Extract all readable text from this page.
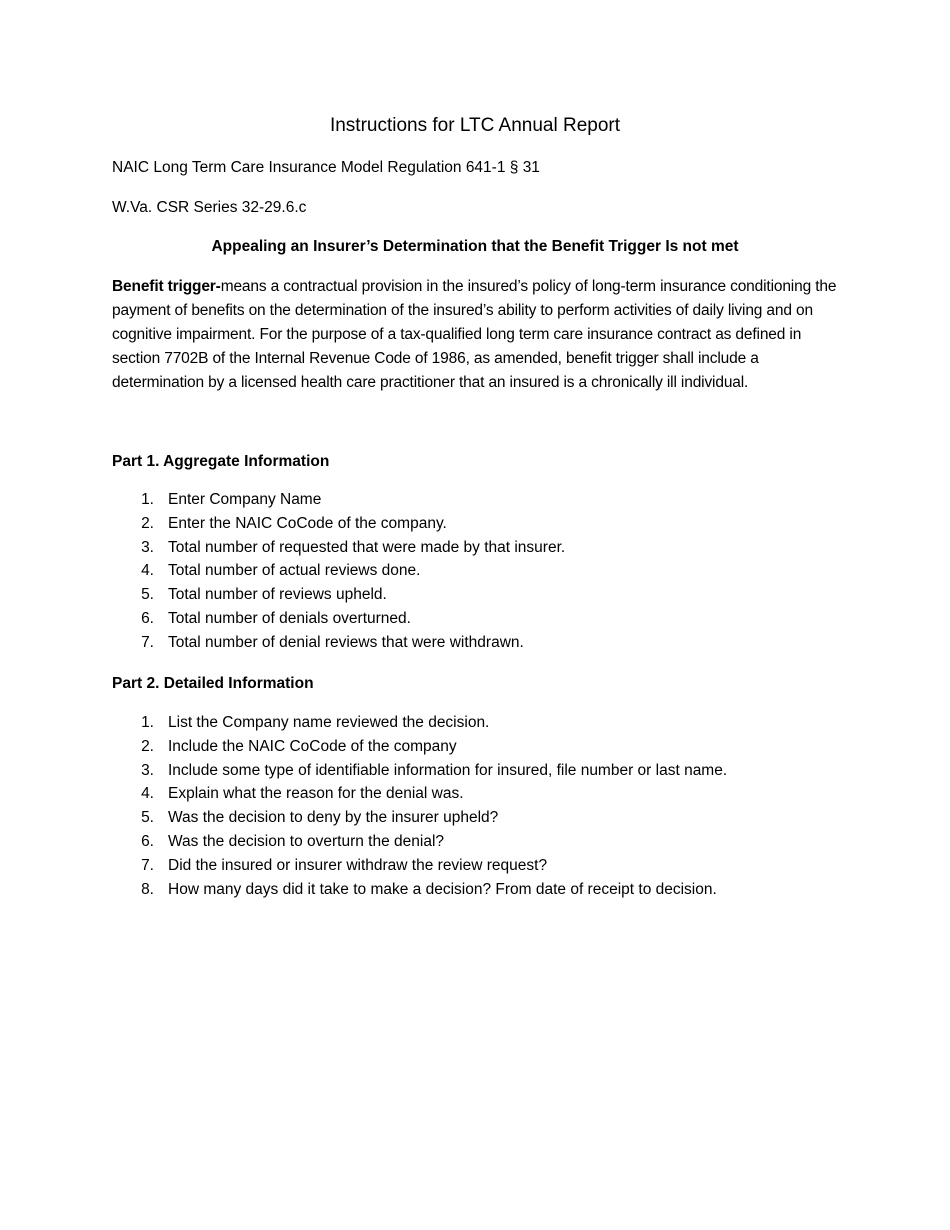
Instructions for LTC Annual Report
NAIC Long Term Care Insurance Model Regulation 641-1 § 31
W.Va. CSR Series 32-29.6.c
Appealing an Insurer’s Determination that the Benefit Trigger Is not met
Benefit trigger-means a contractual provision in the insured’s policy of long-term insurance conditioning the payment of benefits on the determination of the insured’s ability to perform activities of daily living and on cognitive impairment. For the purpose of a tax-qualified long term care insurance contract as defined in section 7702B of the Internal Revenue Code of 1986, as amended, benefit trigger shall include a determination by a licensed health care practitioner that an insured is a chronically ill individual.
Part 1. Aggregate Information
1. Enter Company Name
2. Enter the NAIC CoCode of the company.
3. Total number of requested that were made by that insurer.
4. Total number of actual reviews done.
5. Total number of reviews upheld.
6. Total number of denials overturned.
7. Total number of denial reviews that were withdrawn.
Part 2. Detailed Information
1. List the Company name reviewed the decision.
2. Include the NAIC CoCode of the company
3. Include some type of identifiable information for insured, file number or last name.
4. Explain what the reason for the denial was.
5. Was the decision to deny by the insurer upheld?
6. Was the decision to overturn the denial?
7. Did the insured or insurer withdraw the review request?
8. How many days did it take to make a decision? From date of receipt to decision.
